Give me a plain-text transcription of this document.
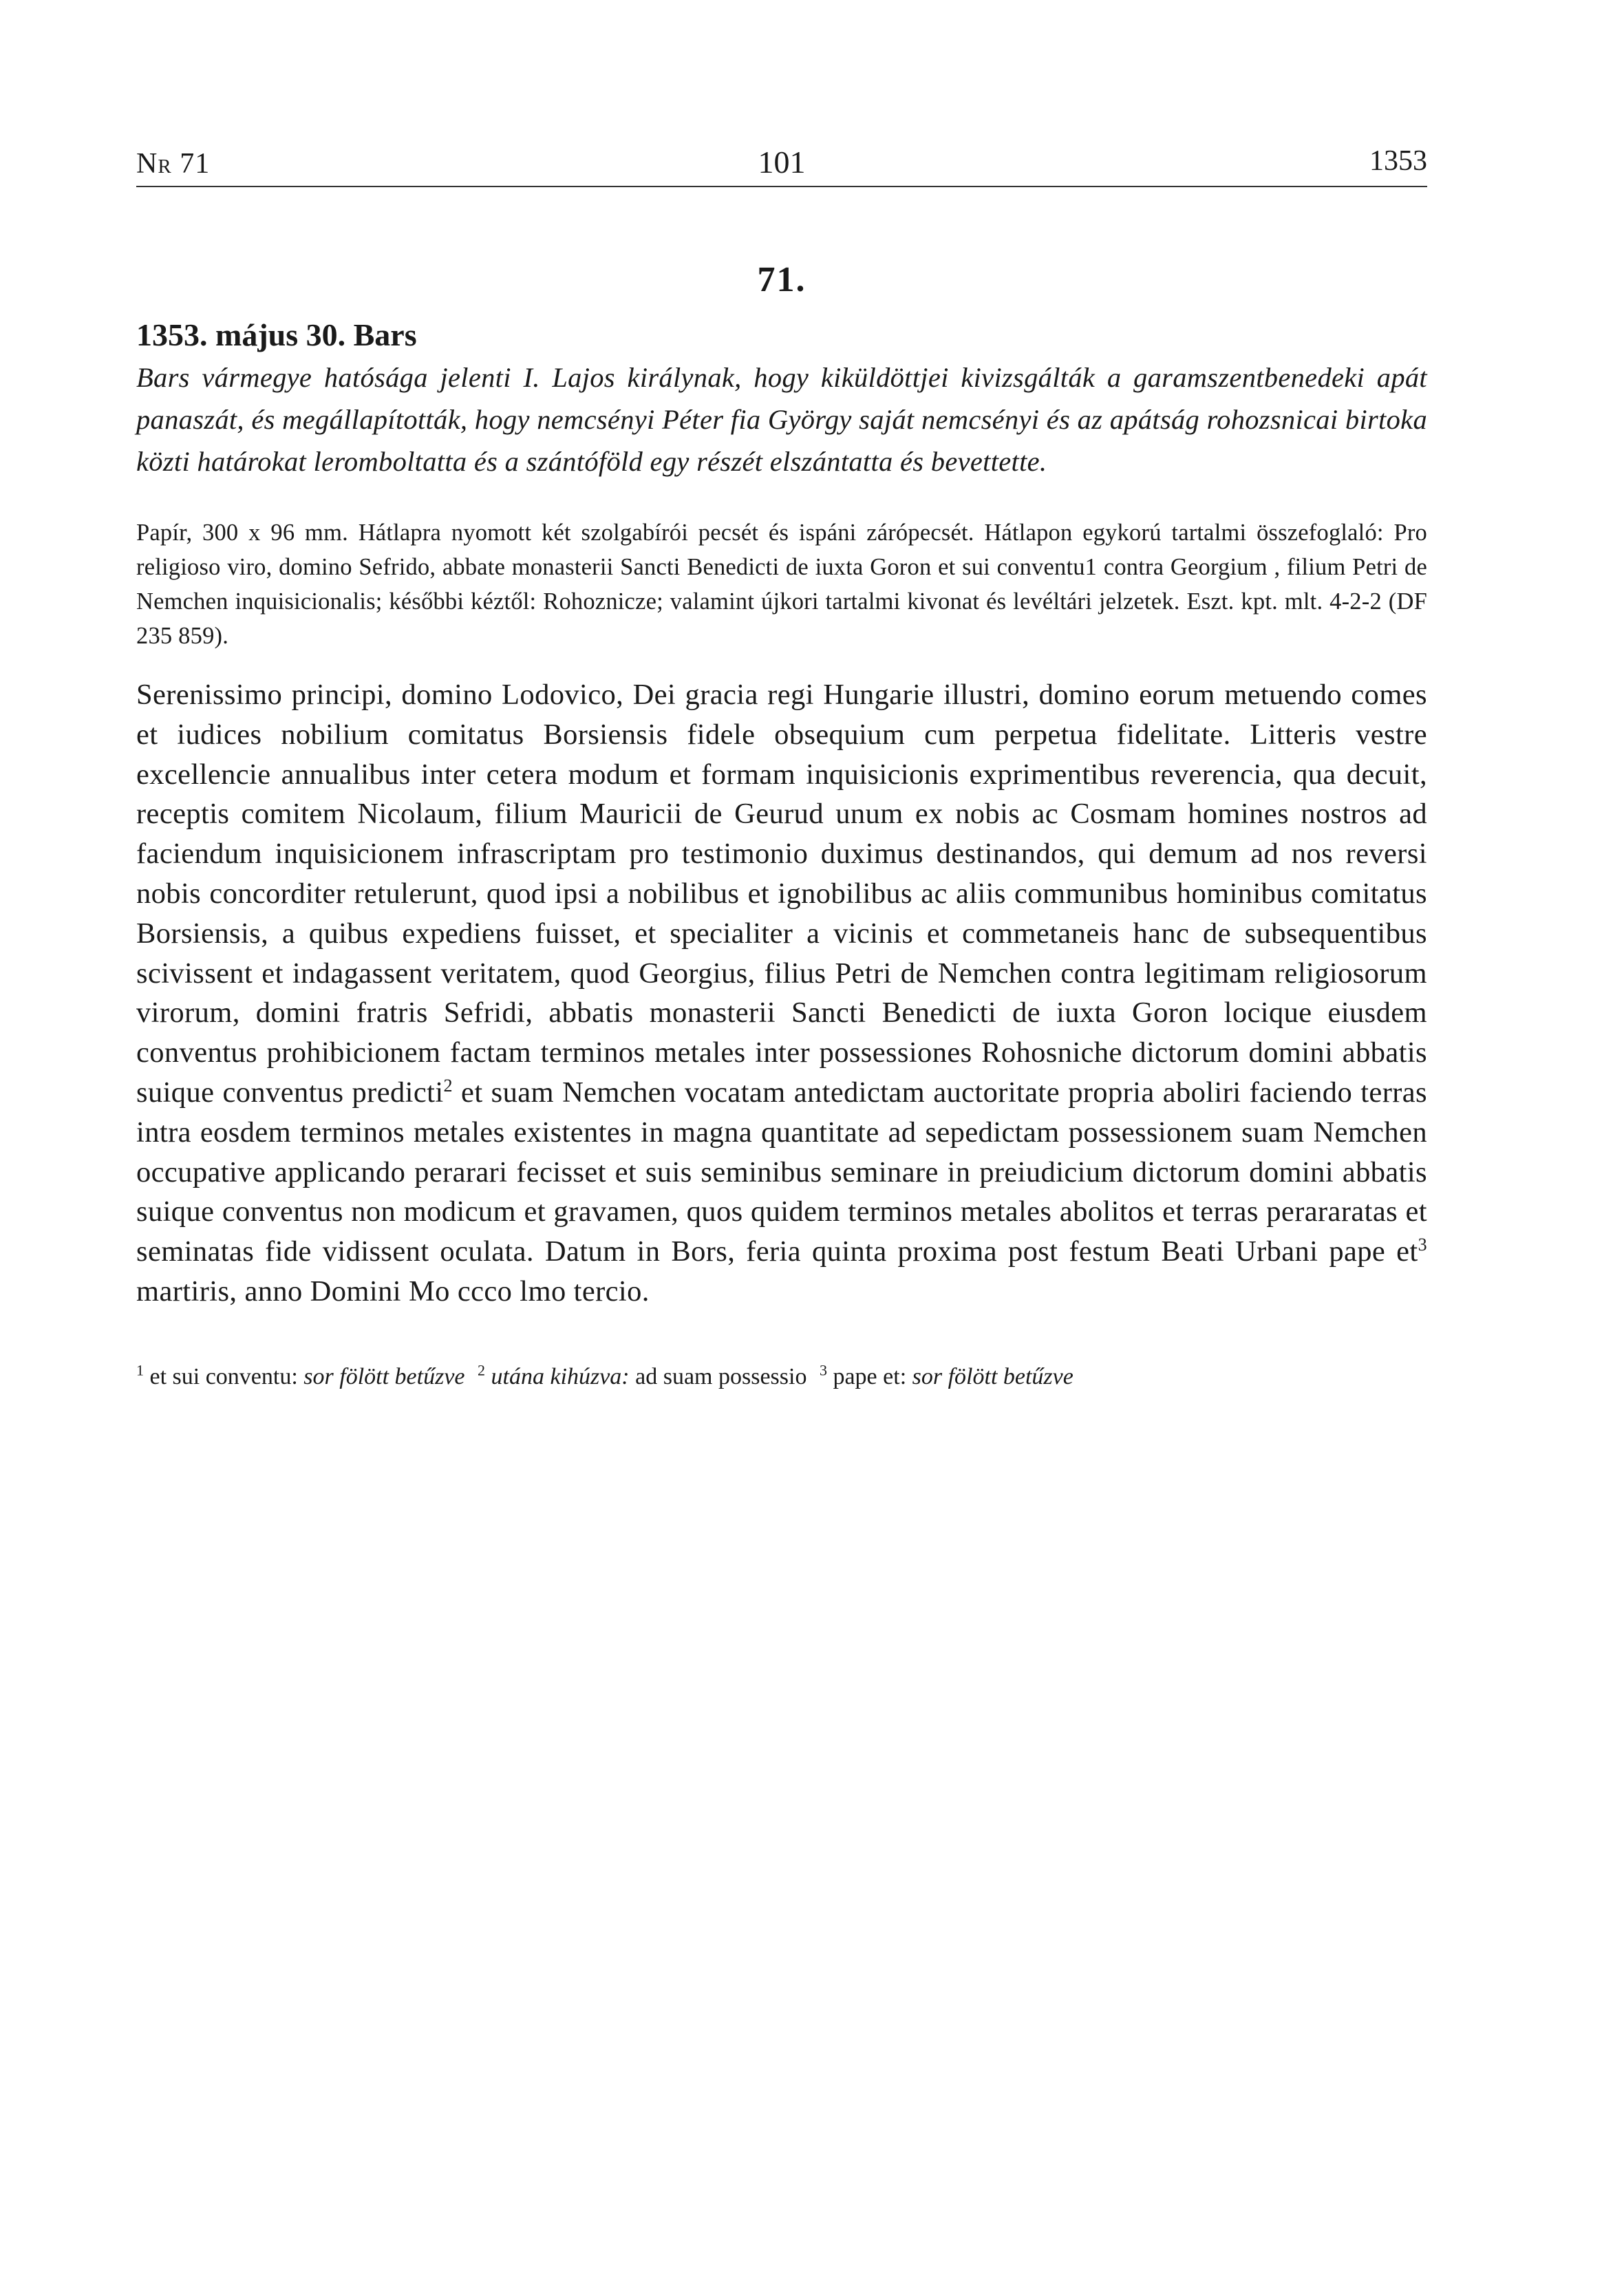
Nr 71	101	1353
71.

1353. május 30. Bars

Bars vármegye hatósága jelenti I. Lajos királynak, hogy kiküldöttjei kivizsgálták a garamszentbenedeki apát panaszát, és megállapították, hogy nemcsényi Péter fia György saját nemcsényi és az apátság rohozsnicai birtoka közti határokat leromboltatta és a szántóföld egy részét elszántatta és bevettette.

Papír, 300 x 96 mm. Hátlapra nyomott két szolgabírói pecsét és ispáni zárópecsét. Hátlapon egykorú tartalmi összefoglaló: Pro religioso viro, domino Sefrido, abbate monasterii Sancti Benedicti de iuxta Goron et sui conventu1 contra Georgium , filium Petri de Nemchen inquisicionalis; későbbi kéztől: Rohoznicze; valamint újkori tartalmi kivonat és levéltári jelzetek. Eszt. kpt. mlt. 4-2-2 (DF 235 859).

Serenissimo principi, domino Lodovico, Dei gracia regi Hungarie illustri, domino eorum metuendo comes et iudices nobilium comitatus Borsiensis fidele obsequium cum perpetua fidelitate. Litteris vestre excellencie annualibus inter cetera modum et formam inquisicionis exprimentibus reverencia, qua decuit, receptis comitem Nicolaum, filium Mauricii de Geurud unum ex nobis ac Cosmam homines nostros ad faciendum inquisicionem infrascriptam pro testimonio duximus destinandos, qui demum ad nos reversi nobis concorditer retulerunt, quod ipsi a nobilibus et ignobilibus ac aliis communibus hominibus comitatus Borsiensis, a quibus expediens fuisset, et specialiter a vicinis et commetaneis hanc de subsequentibus scivissent et indagassent veritatem, quod Georgius, filius Petri de Nemchen contra legitimam religiosorum virorum, domini fratris Sefridi, abbatis monasterii Sancti Benedicti de iuxta Goron locique eiusdem conventus prohibicionem factam terminos metales inter possessiones Rohosniche dictorum domini abbatis suique conventus predicti$^2$ et suam Nemchen vocatam antedictam auctoritate propria aboliri faciendo terras intra eosdem terminos metales existentes in magna quantitate ad sepedictam possessionem suam Nemchen occupative applicando perarari fecisset et suis seminibus seminare in preiudicium dictorum domini abbatis suique conventus non modicum et gravamen, quos quidem terminos metales abolitos et terras perararatas et seminatas fide vidissent oculata. Datum in Bors, feria quinta proxima post festum Beati Urbani pape $et^3$ martiris, anno Domini Mo ccco lmo tercio.

$^1$ et sui conventu: sor fölött betűzve $^2$ utána kihúzva: ad suam possessio $^3$ pape et: sor fölött betűzve
